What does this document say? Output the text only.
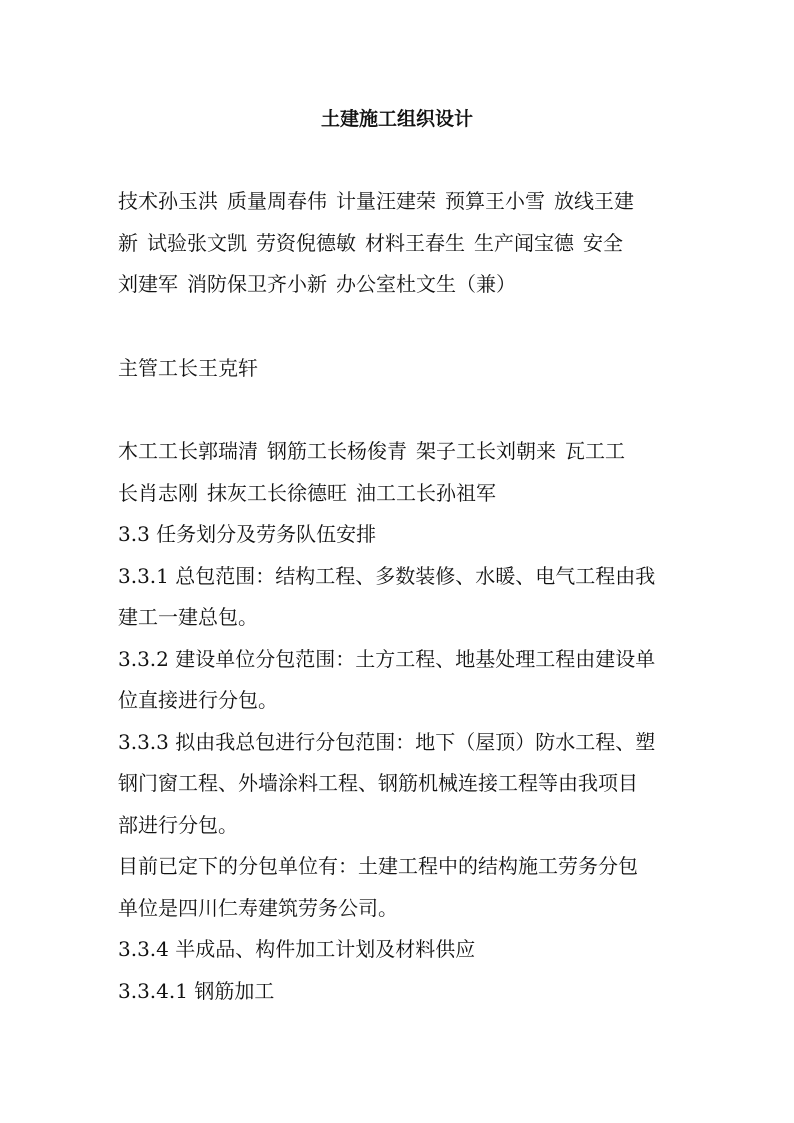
土建施工组织设计
技术孙玉洪 质量周春伟 计量汪建荣 预算王小雪 放线王建
新 试验张文凯 劳资倪德敏 材料王春生 生产闻宝德 安全
刘建军 消防保卫齐小新 办公室杜文生（兼）
主管工长王克轩
木工工长郭瑞清 钢筋工长杨俊青 架子工长刘朝来 瓦工工
长肖志刚 抹灰工长徐德旺 油工工长孙祖军
3.3 任务划分及劳务队伍安排
3.3.1 总包范围：结构工程、多数装修、水暖、电气工程由我
建工一建总包。
3.3.2 建设单位分包范围：土方工程、地基处理工程由建设单
位直接进行分包。
3.3.3 拟由我总包进行分包范围：地下（屋顶）防水工程、塑
钢门窗工程、外墙涂料工程、钢筋机械连接工程等由我项目
部进行分包。
目前已定下的分包单位有：土建工程中的结构施工劳务分包
单位是四川仁寿建筑劳务公司。
3.3.4 半成品、构件加工计划及材料供应
3.3.4.1 钢筋加工
